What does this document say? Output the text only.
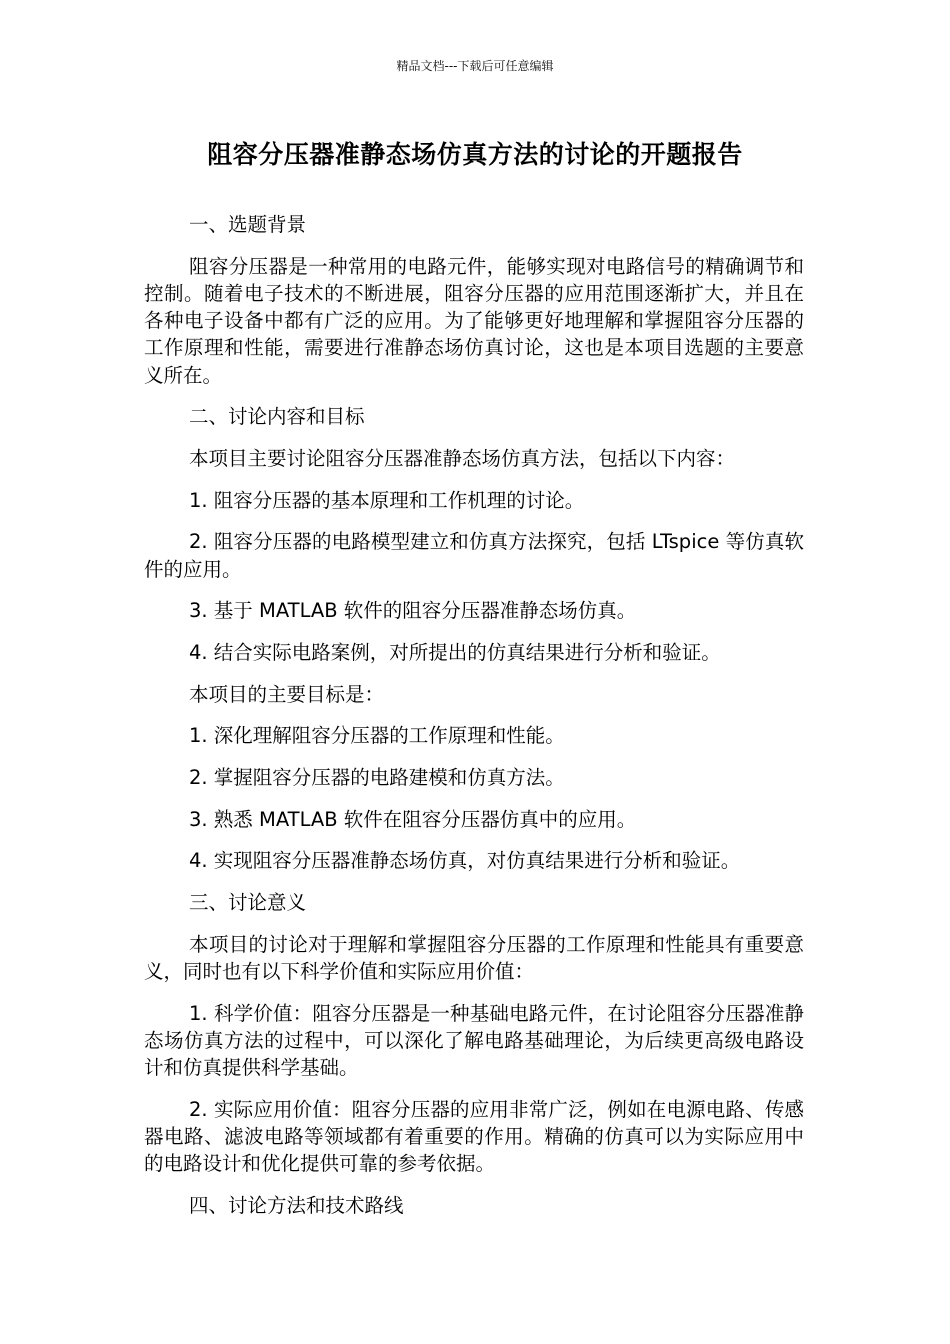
精品文档---下载后可任意编辑
阻容分压器准静态场仿真方法的讨论的开题报告

一、选题背景

阻容分压器是一种常用的电路元件，能够实现对电路信号的精确调节和控制。随着电子技术的不断进展，阻容分压器的应用范围逐渐扩大，并且在各种电子设备中都有广泛的应用。为了能够更好地理解和掌握阻容分压器的工作原理和性能，需要进行准静态场仿真讨论，这也是本项目选题的主要意义所在。

二、讨论内容和目标

本项目主要讨论阻容分压器准静态场仿真方法，包括以下内容：

1. 阻容分压器的基本原理和工作机理的讨论。

2. 阻容分压器的电路模型建立和仿真方法探究，包括 LTspice 等仿真软件的应用。

3. 基于 MATLAB 软件的阻容分压器准静态场仿真。

4. 结合实际电路案例，对所提出的仿真结果进行分析和验证。

本项目的主要目标是：

1. 深化理解阻容分压器的工作原理和性能。

2. 掌握阻容分压器的电路建模和仿真方法。

3. 熟悉 MATLAB 软件在阻容分压器仿真中的应用。

4. 实现阻容分压器准静态场仿真，对仿真结果进行分析和验证。

三、讨论意义

本项目的讨论对于理解和掌握阻容分压器的工作原理和性能具有重要意义，同时也有以下科学价值和实际应用价值：

1. 科学价值：阻容分压器是一种基础电路元件，在讨论阻容分压器准静态场仿真方法的过程中，可以深化了解电路基础理论，为后续更高级电路设计和仿真提供科学基础。

2. 实际应用价值：阻容分压器的应用非常广泛，例如在电源电路、传感器电路、滤波电路等领域都有着重要的作用。精确的仿真可以为实际应用中的电路设计和优化提供可靠的参考依据。

四、讨论方法和技术路线
